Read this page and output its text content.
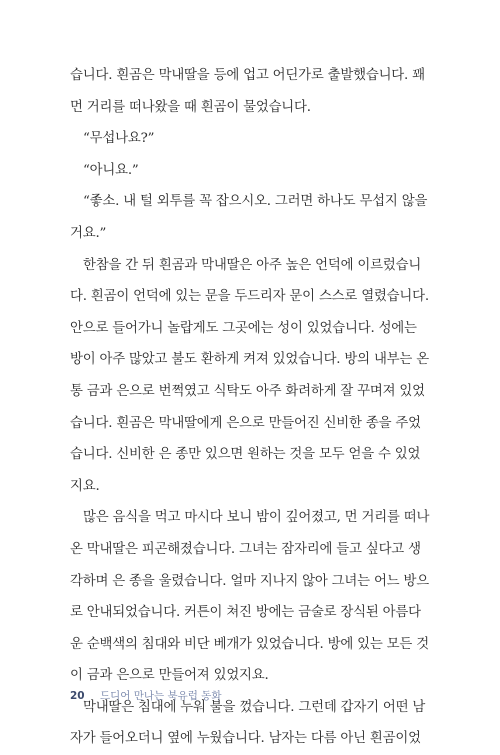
습니다. 흰곰은 막내딸을 등에 업고 어딘가로 출발했습니다. 꽤
먼 거리를 떠나왔을 때 흰곰이 물었습니다.
“무섭나요?”
“아니요.”
“좋소. 내 털 외투를 꼭 잡으시오. 그러면 하나도 무섭지 않을
거요.”
한참을 간 뒤 흰곰과 막내딸은 아주 높은 언덕에 이르렀습니
다. 흰곰이 언덕에 있는 문을 두드리자 문이 스스로 열렸습니다.
안으로 들어가니 놀랍게도 그곳에는 성이 있었습니다. 성에는
방이 아주 많았고 불도 환하게 켜져 있었습니다. 방의 내부는 온
통 금과 은으로 번쩍였고 식탁도 아주 화려하게 잘 꾸며져 있었
습니다. 흰곰은 막내딸에게 은으로 만들어진 신비한 종을 주었
습니다. 신비한 은 종만 있으면 원하는 것을 모두 얻을 수 있었
지요.
많은 음식을 먹고 마시다 보니 밤이 깊어졌고, 먼 거리를 떠나
온 막내딸은 피곤해졌습니다. 그녀는 잠자리에 들고 싶다고 생
각하며 은 종을 울렸습니다. 얼마 지나지 않아 그녀는 어느 방으
로 안내되었습니다. 커튼이 쳐진 방에는 금술로 장식된 아름다
운 순백색의 침대와 비단 베개가 있었습니다. 방에 있는 모든 것
이 금과 은으로 만들어져 있었지요.
막내딸은 침대에 누워 불을 껐습니다. 그런데 갑자기 어떤 남
자가 들어오더니 옆에 누웠습니다. 남자는 다름 아닌 흰곰이었
20 드디어 만나는 북유럽 동화
